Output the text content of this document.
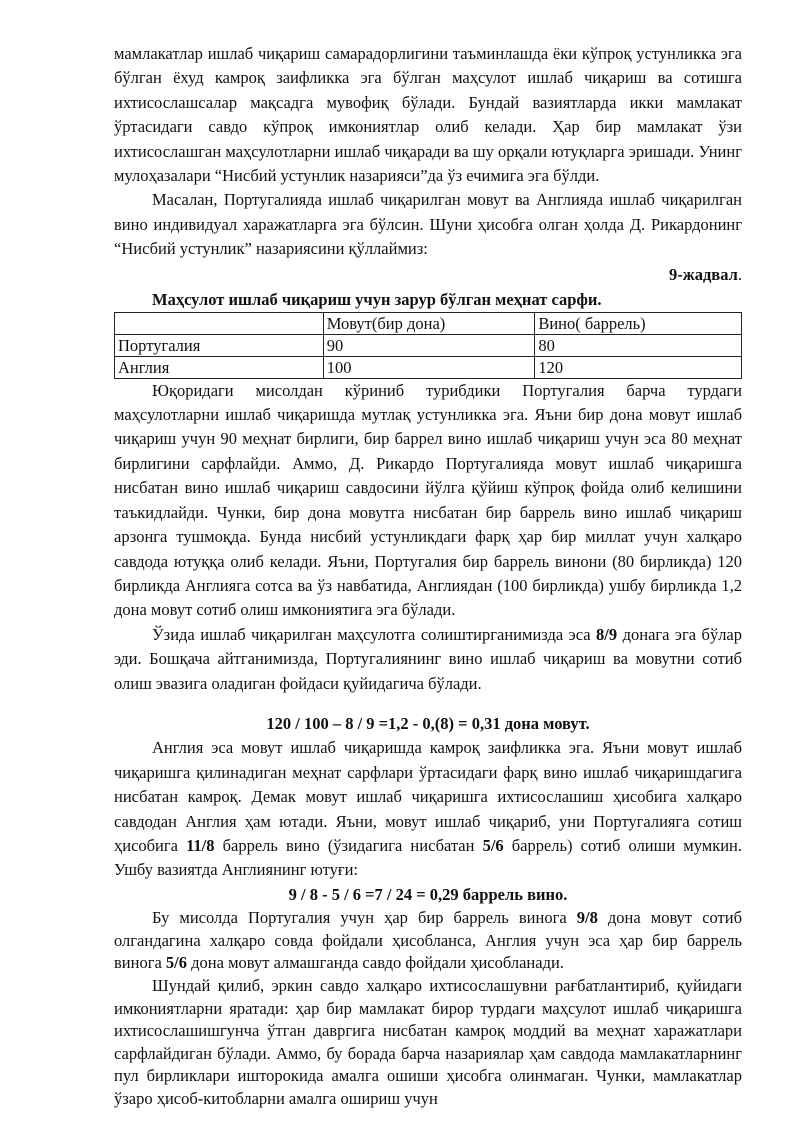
мамлакатлар ишлаб чиқариш самарадорлигини таъминлашда ёки кўпроқ устунликка эга бўлган ёхуд камроқ заифликка эга бўлган маҳсулот ишлаб чиқариш ва сотишга ихтисослашсалар мақсадга мувофиқ бўлади. Бундай вазиятларда икки мамлакат ўртасидаги савдо кўпроқ имкониятлар олиб келади. Ҳар бир мамлакат ўзи ихтисослашган маҳсулотларни ишлаб чиқаради ва шу орқали ютуқларга эришади. Унинг мулоҳазалари “Нисбий устунлик назарияси”да ўз ечимига эга бўлди.

Масалан, Португалияда ишлаб чиқарилган мовут ва Англияда ишлаб чиқарилган вино индивидуал харажатларга эга бўлсин. Шуни ҳисобга олган ҳолда Д. Рикардонинг “Нисбий устунлик” назариясини қўллаймиз:

9-жадвал.

Маҳсулот ишлаб чиқариш учун зарур бўлган меҳнат сарфи.

	Мовут(бир дона)	Вино( баррель)
Португалия	90	80
Англия	100	120

Юқоридаги мисолдан кўриниб турибдики Португалия барча турдаги маҳсулотларни ишлаб чиқаришда мутлақ устунликка эга. Яъни бир дона мовут ишлаб чиқариш учун 90 меҳнат бирлиги, бир баррел вино ишлаб чиқариш учун эса 80 меҳнат бирлигини сарфлайди. Аммо, Д. Рикардо Португалияда мовут ишлаб чиқаришга нисбатан вино ишлаб чиқариш савдосини йўлга қўйиш кўпроқ фойда олиб келишини таъкидлайди. Чунки, бир дона мовутга нисбатан бир баррель вино ишлаб чиқариш арзонга тушмоқда. Бунда нисбий устунликдаги фарқ ҳар бир миллат учун халқаро савдода ютуққа олиб келади. Яъни, Португалия бир баррель винони (80 бирликда) 120 бирликда Англияга сотса ва ўз навбатида, Англиядан (100 бирликда) ушбу бирликда 1,2 дона мовут сотиб олиш имкониятига эга бўлади.

Ўзида ишлаб чиқарилган маҳсулотга солиштирганимизда эса 8/9 донага эга бўлар эди. Бошқача айтганимизда, Португалиянинг вино ишлаб чиқариш ва мовутни сотиб олиш эвазига оладиган фойдаси қуйидагича бўлади.

120 / 100 – 8 / 9 =1,2 - 0,(8) = 0,31 дона мовут.

Англия эса мовут ишлаб чиқаришда камроқ заифликка эга. Яъни мовут ишлаб чиқаришга қилинадиган меҳнат сарфлари ўртасидаги фарқ вино ишлаб чиқаришдагига нисбатан камроқ. Демак мовут ишлаб чиқаришга ихтисослашиш ҳисобига халқаро савдодан Англия ҳам ютади. Яъни, мовут ишлаб чиқариб, уни Португалияга сотиш ҳисобига 11/8 баррель вино (ўзидагига нисбатан 5/6 баррель) сотиб олиши мумкин. Ушбу вазиятда Англиянинг ютуғи:

9 / 8 - 5 / 6 =7 / 24 = 0,29 баррель вино.

Бу мисолда Португалия учун ҳар бир баррель винога 9/8 дона мовут сотиб олгандагина халқаро совда фойдали ҳисобланса, Англия учун эса ҳар бир баррель винога 5/6 дона мовут алмашганда савдо фойдали ҳисобланади.

Шундай қилиб, эркин савдо халқаро ихтисослашувни рағбатлантириб, қуйидаги имкониятларни яратади: ҳар бир мамлакат бирор турдаги маҳсулот ишлаб чиқаришга ихтисослашишгунча ўтган давргига нисбатан камроқ моддий ва меҳнат харажатлари сарфлайдиган бўлади. Аммо, бу борада барча назариялар ҳам савдода мамлакатларнинг пул бирликлари ишторокида амалга ошиши ҳисобга олинмаган. Чунки, мамлакатлар ўзаро ҳисоб-китобларни амалга ошириш учун
